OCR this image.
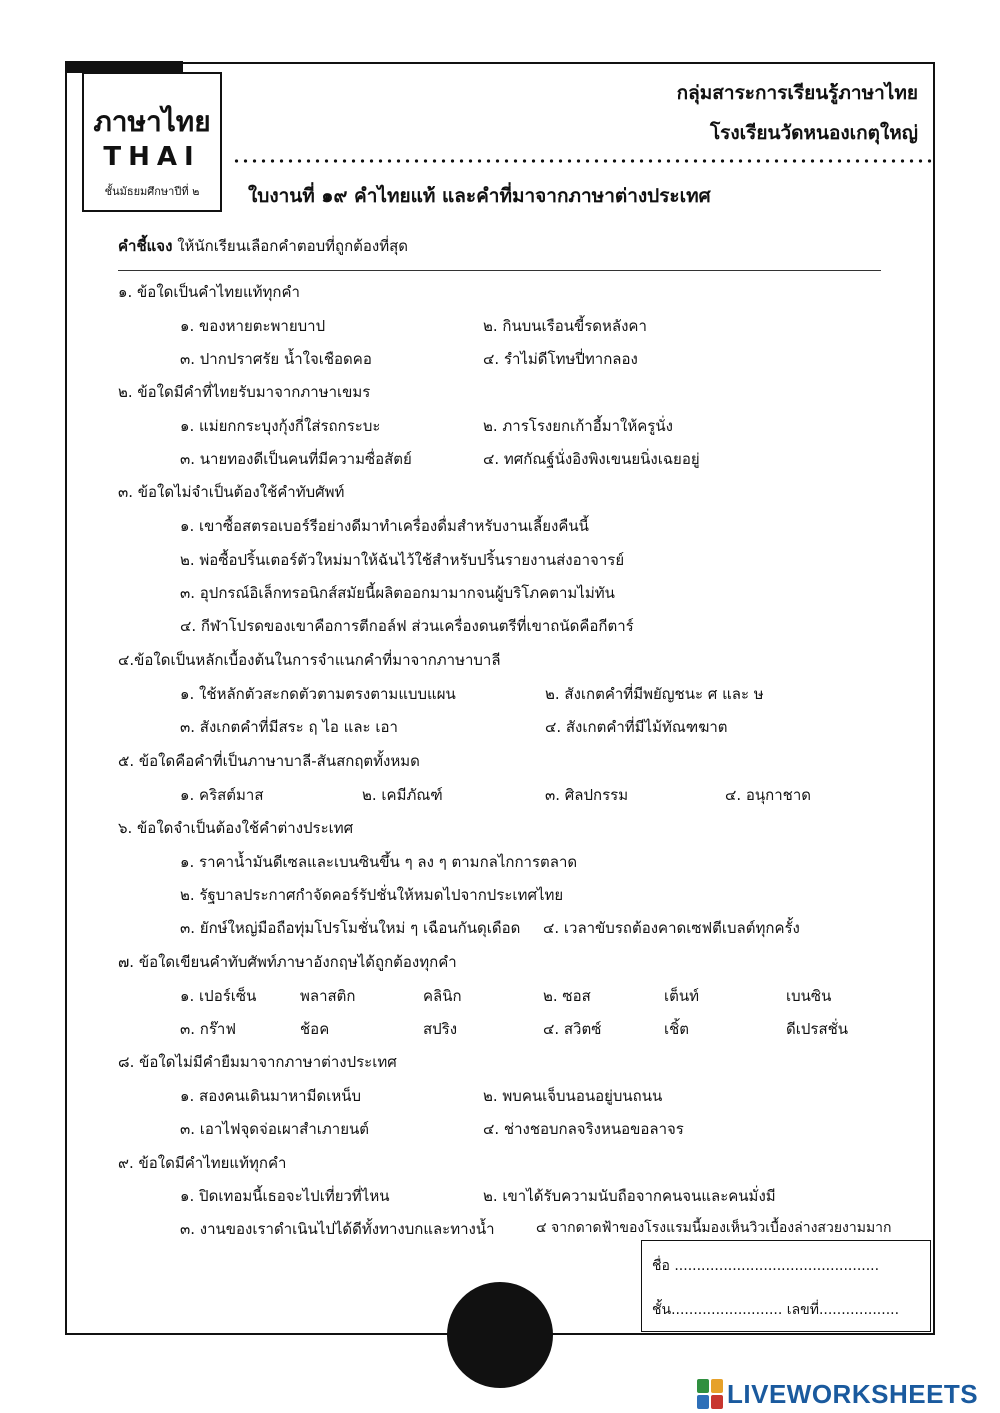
ภาษาไทย
THAI
ชั้นมัธยมศึกษาปีที่ ๒
กลุ่มสาระการเรียนรู้ภาษาไทย
โรงเรียนวัดหนองเกตุใหญ่
ใบงานที่ ๑๙ คำไทยแท้ และคำที่มาจากภาษาต่างประเทศ
คำชี้แจง ให้นักเรียนเลือกคำตอบที่ถูกต้องที่สุด
๑. ข้อใดเป็นคำไทยแท้ทุกคำ
๑. ของหายตะพายบาป	๒. กินบนเรือนขี้รดหลังคา
๓. ปากปราศรัย น้ำใจเชือดคอ	๔. รำไม่ดีโทษปี่ทากลอง
๒. ข้อใดมีคำที่ไทยรับมาจากภาษาเขมร
๑. แม่ยกกระบุงกุ้งกี่ใส่รถกระบะ	๒. ภารโรงยกเก้าอี้มาให้ครูนั่ง
๓. นายทองดีเป็นคนที่มีความซื่อสัตย์	๔. ทศกัณฐ์นั่งอิงพิงเขนยนิ่งเฉยอยู่
๓. ข้อใดไม่จำเป็นต้องใช้คำทับศัพท์
๑. เขาซื้อสตรอเบอร์รีอย่างดีมาทำเครื่องดื่มสำหรับงานเลี้ยงคืนนี้
๒. พ่อซื้อปริ้นเตอร์ตัวใหม่มาให้ฉันไว้ใช้สำหรับปริ้นรายงานส่งอาจารย์
๓. อุปกรณ์อิเล็กทรอนิกส์สมัยนี้ผลิตออกมามากจนผู้บริโภคตามไม่ทัน
๔. กีฬาโปรดของเขาคือการตีกอล์ฟ ส่วนเครื่องดนตรีที่เขาถนัดคือกีตาร์
๔.ข้อใดเป็นหลักเบื้องต้นในการจำแนกคำที่มาจากภาษาบาลี
๑. ใช้หลักตัวสะกดตัวตามตรงตามแบบแผน	๒. สังเกตคำที่มีพยัญชนะ ศ และ ษ
๓. สังเกตคำที่มีสระ ฤ ไอ และ เอา	๔. สังเกตคำที่มีไม้ทัณฑฆาต
๕. ข้อใดคือคำที่เป็นภาษาบาลี-สันสกฤตทั้งหมด
๑. คริสต์มาส	๒. เคมีภัณฑ์	๓. ศิลปกรรม	๔. อนุกาชาด
๖. ข้อใดจำเป็นต้องใช้คำต่างประเทศ
๑. ราคาน้ำมันดีเซลและเบนซินขึ้น ๆ ลง ๆ ตามกลไกการตลาด
๒. รัฐบาลประกาศกำจัดคอร์รัปชั่นให้หมดไปจากประเทศไทย
๓. ยักษ์ใหญ่มือถือทุ่มโปรโมชั่นใหม่ ๆ เฉือนกันดุเดือด ๔. เวลาขับรถต้องคาดเซฟตีเบลต์ทุกครั้ง
๗. ข้อใดเขียนคำทับศัพท์ภาษาอังกฤษได้ถูกต้องทุกคำ
๑. เปอร์เซ็น	พลาสติก	คลินิก	๒. ซอส	เต็นท์	เบนซิน
๓. กร๊าฟ	ช้อค	สปริง	๔. สวิตซ์	เชิ้ต	ดีเปรสชั่น
๘. ข้อใดไม่มีคำยืมมาจากภาษาต่างประเทศ
๑. สองคนเดินมาหามีดเหน็บ	๒. พบคนเจ็บนอนอยู่บนถนน
๓. เอาไฟจุดจ่อเผาสำเภายนต์	๔. ช่างชอบกลจริงหนอขอลาจร
๙. ข้อใดมีคำไทยแท้ทุกคำ
๑. ปิดเทอมนี้เธอจะไปเที่ยวที่ไหน	๒. เขาได้รับความนับถือจากคนจนและคนมั่งมี
๓. งานของเราดำเนินไปได้ดีทั้งทางบกและทางน้ำ	๔ จากดาดฟ้าของโรงแรมนี้มองเห็นวิวเบื้องล่างสวยงามมาก
ชื่อ ..............................................
ชั้น......................... เลขที่..................
LIVEWORKSHEETS
